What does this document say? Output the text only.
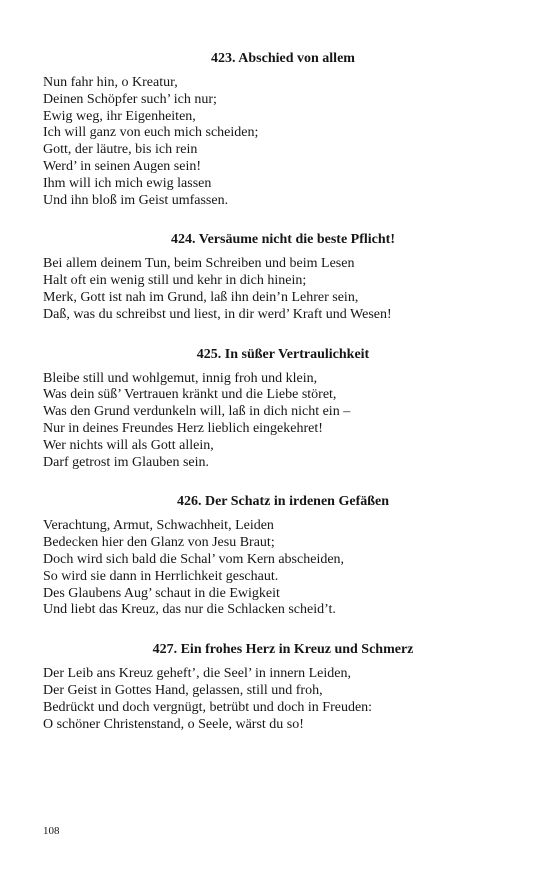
423. Abschied von allem
Nun fahr hin, o Kreatur,
Deinen Schöpfer such’ ich nur;
Ewig weg, ihr Eigenheiten,
Ich will ganz von euch mich scheiden;
Gott, der läutre, bis ich rein
Werd’ in seinen Augen sein!
Ihm will ich mich ewig lassen
Und ihn bloß im Geist umfassen.
424. Versäume nicht die beste Pflicht!
Bei allem deinem Tun, beim Schreiben und beim Lesen
Halt oft ein wenig still und kehr in dich hinein;
Merk, Gott ist nah im Grund, laß ihn dein’n Lehrer sein,
Daß, was du schreibst und liest, in dir werd’ Kraft und Wesen!
425. In süßer Vertraulichkeit
Bleibe still und wohlgemut, innig froh und klein,
Was dein süß’ Vertrauen kränkt und die Liebe störet,
Was den Grund verdunkeln will, laß in dich nicht ein –
Nur in deines Freundes Herz lieblich eingekehret!
Wer nichts will als Gott allein,
Darf getrost im Glauben sein.
426. Der Schatz in irdenen Gefäßen
Verachtung, Armut, Schwachheit, Leiden
Bedecken hier den Glanz von Jesu Braut;
Doch wird sich bald die Schal’ vom Kern abscheiden,
So wird sie dann in Herrlichkeit geschaut.
Des Glaubens Aug’ schaut in die Ewigkeit
Und liebt das Kreuz, das nur die Schlacken scheid’t.
427. Ein frohes Herz in Kreuz und Schmerz
Der Leib ans Kreuz geheft’, die Seel’ in innern Leiden,
Der Geist in Gottes Hand, gelassen, still und froh,
Bedrückt und doch vergnügt, betrübt und doch in Freuden:
O schöner Christenstand, o Seele, wärst du so!
108
